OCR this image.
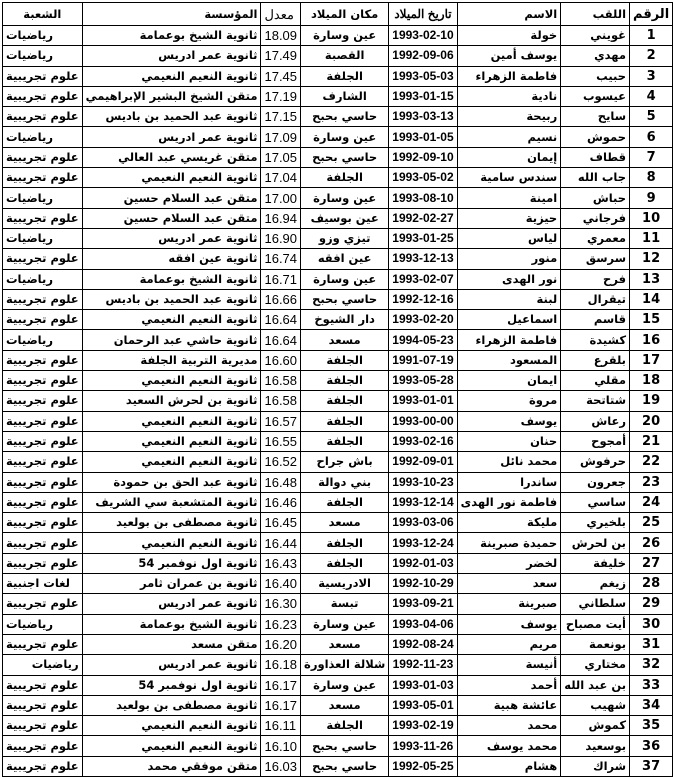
الرقم	اللقب	الاسم	تاريخ الميلاد	مكان الميلاد	معدل	المؤسسة	الشعبة
1	غويني	خولة	1993-02-10	عين وسارة	18.09	ثانوية الشيخ بوعمامة	رياضيات
2	مهدي	يوسف أمين	1992-09-06	القصبة	17.49	ثانوية عمر ادريس	رياضيات
3	حبيب	فاطمة الزهراء	1993-05-03	الجلفة	17.45	ثانوية النعيم النعيمي	علوم تجريبية
4	عيسوب	نادية	1993-01-15	الشارف	17.19	متقن الشيخ البشير الإبراهيمي	علوم تجريبية
5	سايح	ربيحة	1993-03-13	حاسي بحبح	17.15	ثانوية عبد الحميد بن باديس	علوم تجريبية
6	حموش	نسيم	1993-01-05	عين وسارة	17.09	ثانوية عمر ادريس	رياضيات
7	قطاف	إيمان	1992-09-10	حاسي بحبح	17.05	متقن غريسي عبد العالي	علوم تجريبية
8	جاب الله	سندس سامية	1993-05-02	الجلفة	17.04	ثانوية النعيم النعيمي	علوم تجريبية
9	حباش	امينة	1993-08-10	عين وسارة	17.00	متقن عبد السلام حسين	رياضيات
10	فرجاني	حيزية	1992-02-27	عين بوسيف	16.94	متقن عبد السلام حسين	علوم تجريبية
11	معمري	لياس	1993-01-25	تيزي وزو	16.90	ثانوية عمر ادريس	رياضيات
12	سرسق	منور	1993-12-13	عين افقه	16.74	ثانوية عين افقه	علوم تجريبية
13	فرح	نور الهدى	1993-02-07	عين وسارة	16.71	ثانوية الشيخ بوعمامة	رياضيات
14	تيقرال	لبنة	1992-12-16	حاسي بحبح	16.66	ثانوية عبد الحميد بن باديس	علوم تجريبية
15	قاسم	اسماعيل	1993-02-20	دار الشيوخ	16.64	ثانوية النعيم النعيمي	علوم تجريبية
16	كشيدة	فاطمة الزهراء	1994-05-23	مسعد	16.64	ثانوية حاشي عبد الرحمان	رياضيات
17	بلقرع	المسعود	1991-07-19	الجلفة	16.60	مديرية التربية الجلفة	علوم تجريبية
18	مقلي	ايمان	1993-05-28	الجلفة	16.58	ثانوية النعيم النعيمي	علوم تجريبية
19	شتاتحة	مروة	1993-01-01	الجلفة	16.58	ثانوية بن لحرش السعيد	علوم تجريبية
20	رعاش	يوسف	1993-00-00	الجلفة	16.57	ثانوية النعيم النعيمي	علوم تجريبية
21	أمجوح	حنان	1993-02-16	الجلفة	16.55	ثانوية النعيم النعيمي	علوم تجريبية
22	حرفوش	محمد نائل	1992-09-01	باش جراح	16.52	ثانوية النعيم النعيمي	علوم تجريبية
23	جعرون	ساندرا	1993-10-23	بني دوالة	16.48	ثانوية عبد الحق بن حمودة	علوم تجريبية
24	ساسي	فاطمة نور الهدى	1993-12-14	الجلفة	16.46	ثانوية المتشعبة سي الشريف	علوم تجريبية
25	بلخيري	مليكة	1993-03-06	مسعد	16.45	ثانوية مصطفى بن بولعيد	علوم تجريبية
26	بن لحرش	حميدة صبرينة	1993-12-24	الجلفة	16.44	ثانوية النعيم النعيمي	علوم تجريبية
27	خليفة	لخضر	1992-01-03	الجلفة	16.43	ثانوية اول نوفمبر 54	علوم تجريبية
28	زيغم	سعد	1992-10-29	الادريسية	16.40	ثانوية بن عمران ثامر	لغات اجنبية
29	سلطاني	صبرينة	1993-09-21	تبسة	16.30	ثانوية عمر ادريس	علوم تجريبية
30	أيت مصباح	يوسف	1993-04-06	عين وسارة	16.23	ثانوية الشيخ بوعمامة	رياضيات
31	بونعمة	مريم	1992-08-24	مسعد	16.20	متقن مسعد	علوم تجريبية
32	مختاري	أنيسة	1992-11-23	شلالة العذاورة	16.18	ثانوية عمر ادريس	رياضيات
33	بن عبد الله	أحمد	1993-01-03	عين وسارة	16.17	ثانوية اول نوفمبر 54	علوم تجريبية
34	شهيب	عائشة هبية	1993-05-01	مسعد	16.17	ثانوية مصطفى بن بولعيد	علوم تجريبية
35	كموش	محمد	1993-02-19	الجلفة	16.11	ثانوية النعيم النعيمي	علوم تجريبية
36	بوسعيد	محمد يوسف	1993-11-26	حاسي بحبح	16.10	ثانوية النعيم النعيمي	علوم تجريبية
37	شراك	هشام	1992-05-25	حاسي بحبح	16.03	متقن موفقي محمد	علوم تجريبية
